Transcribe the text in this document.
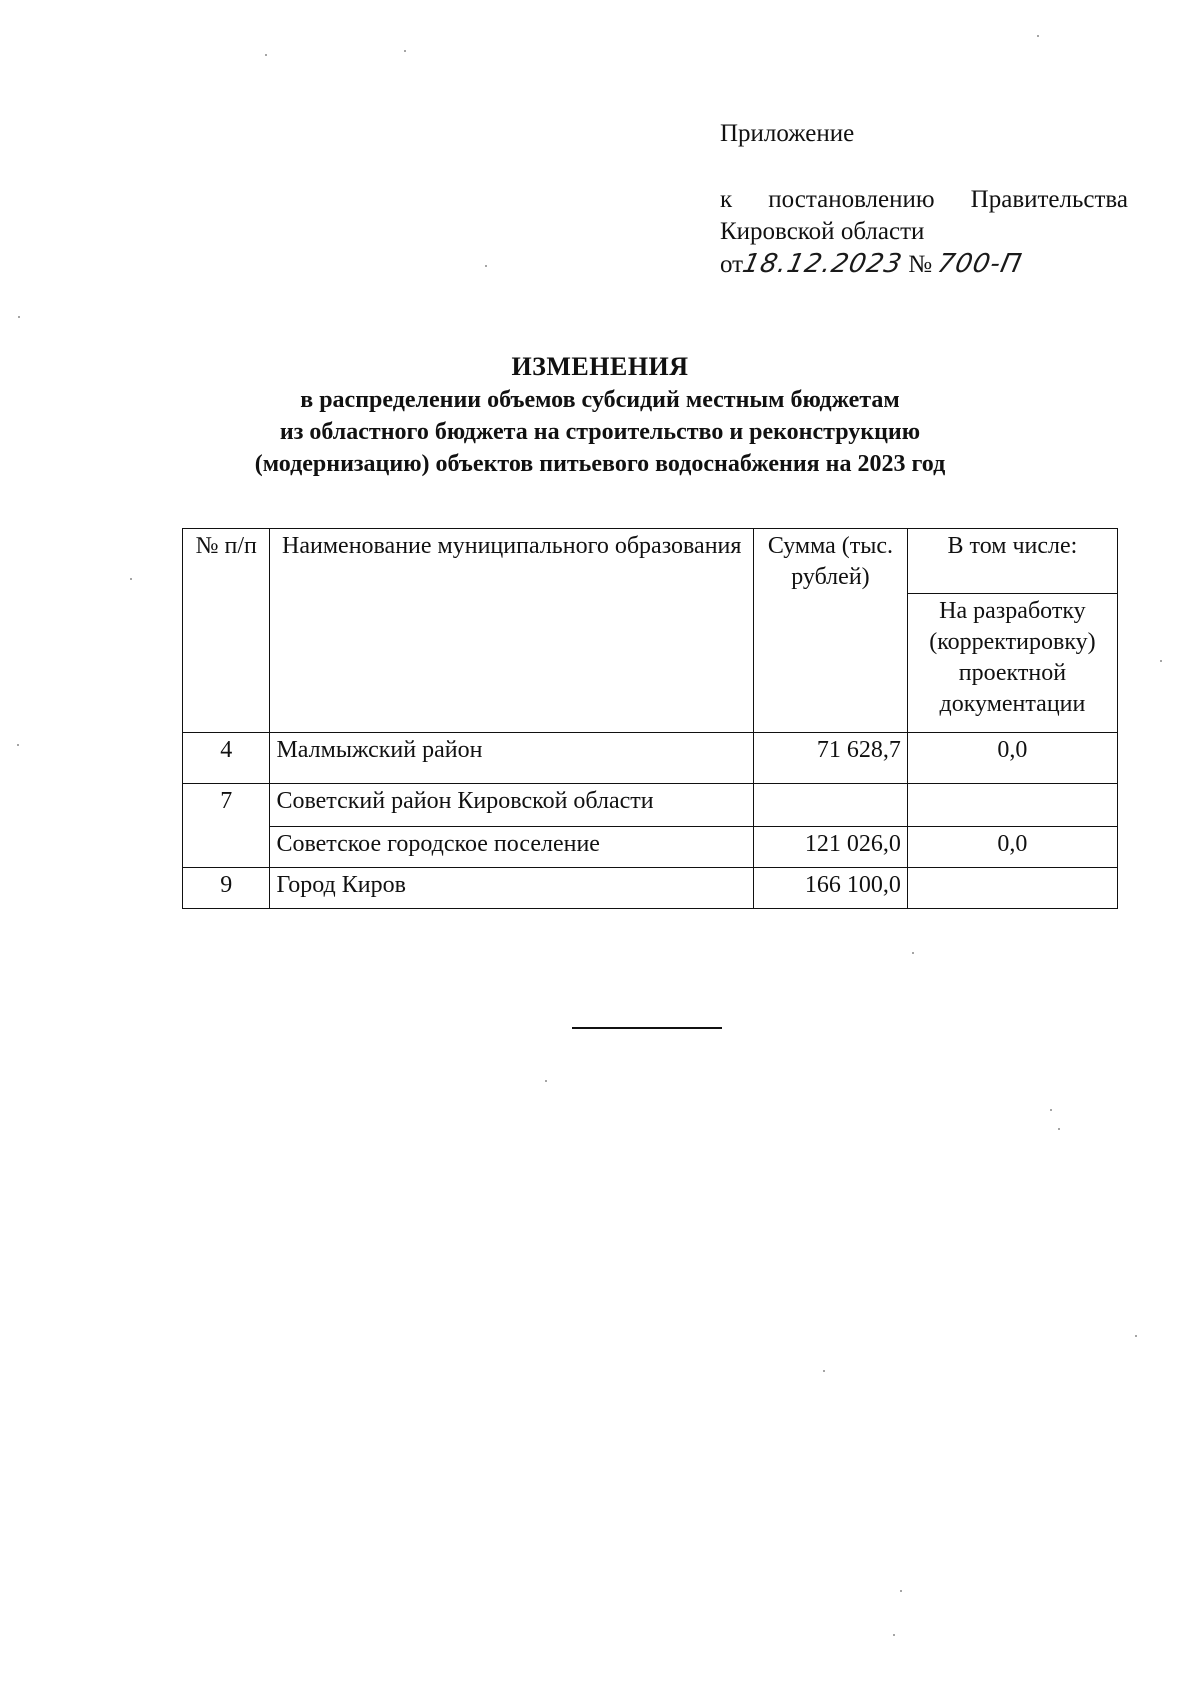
Приложение
к постановлению Правительства
Кировской области
от18.12.2023 № 700-П
ИЗМЕНЕНИЯ
в распределении объемов субсидий местным бюджетам
из областного бюджета на строительство и реконструкцию
(модернизацию) объектов питьевого водоснабжения на 2023 год
№ п/п	Наименование муниципального образования	Сумма (тыс. рублей)	В том числе:
			На разработку (корректировку) проектной документации
4	Малмыжский район	71 628,7	0,0
7	Советский район Кировской области		
	Советское городское поселение	121 026,0	0,0
9	Город Киров	166 100,0	
